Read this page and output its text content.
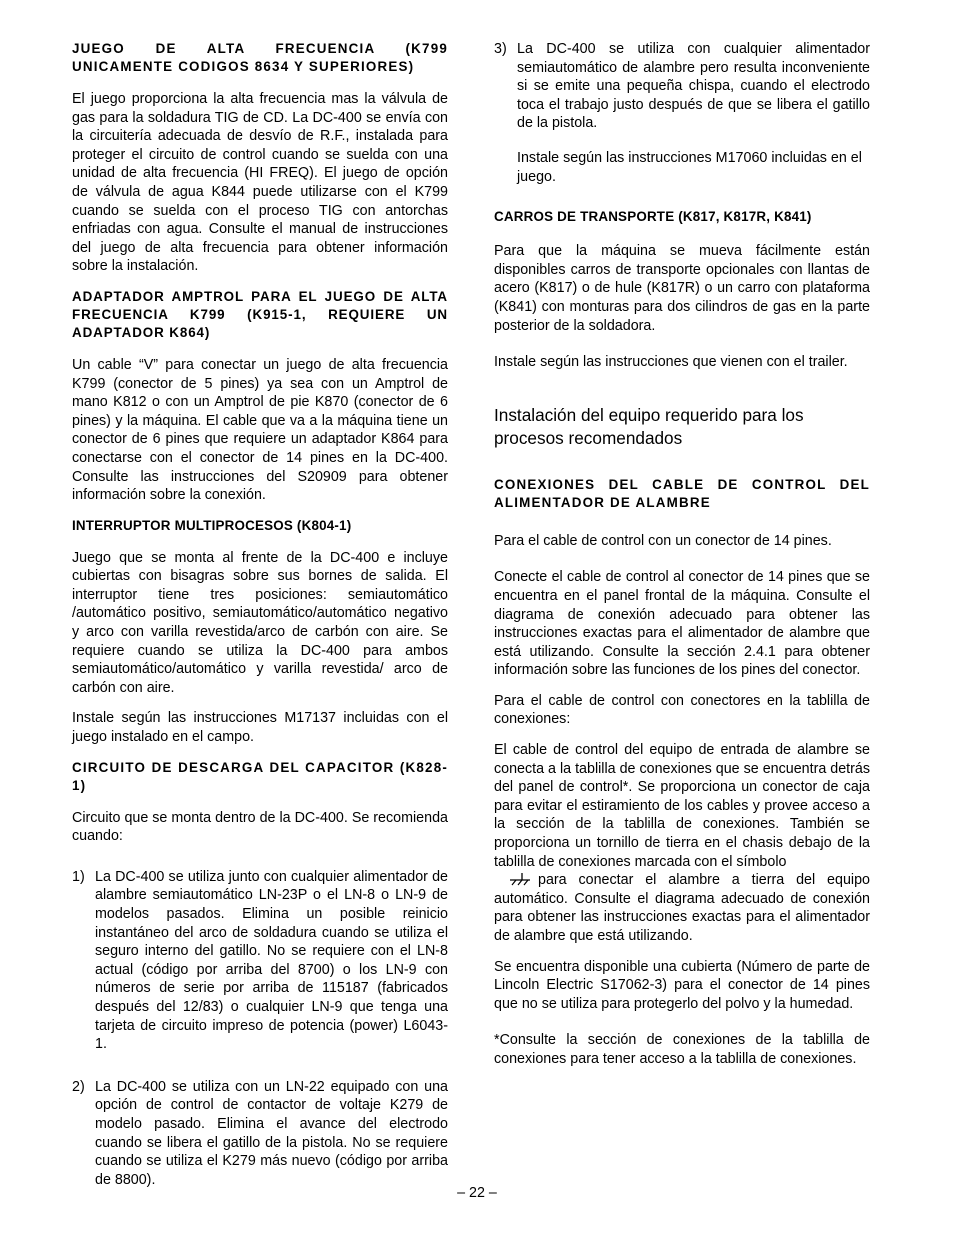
JUEGO DE ALTA FRECUENCIA (K799 UNICAMENTE CODIGOS 8634 Y SUPERIORES)
El juego proporciona la alta frecuencia mas la válvula de gas para la soldadura TIG de CD. La DC-400 se envía con la circuitería adecuada de desvío de R.F., instalada para proteger el circuito de control cuando se suelda con una unidad de alta frecuencia (HI FREQ). El juego de opción de válvula de agua K844 puede utilizarse con el K799 cuando se suelda con el proceso TIG con antorchas enfriadas con agua. Consulte el manual de instrucciones del juego de alta frecuencia para obtener información sobre la instalación.
ADAPTADOR AMPTROL PARA EL JUEGO DE ALTA FRECUENCIA K799 (K915-1, REQUIERE UN ADAPTADOR K864)
Un cable “V” para conectar un juego de alta frecuencia K799 (conector de 5 pines) ya sea con un Amptrol de mano K812 o con un Amptrol de pie K870 (conector de 6 pines) y la máquina. El cable que va a la máquina tiene un conector de 6 pines que requiere un adaptador K864 para conectarse con el conector de 14 pines en la DC-400. Consulte las instrucciones del S20909 para obtener información sobre la conexión.
INTERRUPTOR MULTIPROCESOS (K804-1)
Juego que se monta al frente de la DC-400 e incluye cubiertas con bisagras sobre sus bornes de salida. El interruptor tiene tres posiciones: semiautomático /automático positivo, semiautomático/automático negativo y arco con varilla revestida/arco de carbón con aire. Se requiere cuando se utiliza la DC-400 para ambos semiautomático/automático y varilla revestida/ arco de carbón con aire.
Instale según las instrucciones M17137 incluidas con el juego instalado en el campo.
CIRCUITO DE DESCARGA DEL CAPACITOR (K828-1)
Circuito que se monta dentro de la DC-400. Se recomienda cuando:
1) La DC-400 se utiliza junto con cualquier alimentador de alambre semiautomático LN-23P o el LN-8 o LN-9 de modelos pasados. Elimina un posible reinicio instantáneo del arco de soldadura cuando se utiliza el seguro interno del gatillo. No se requiere con el LN-8 actual (código por arriba del 8700) o los LN-9 con números de serie por arriba de 115187 (fabricados después del 12/83) o cualquier LN-9 que tenga una tarjeta de circuito impreso de potencia (power) L6043-1.
2) La DC-400 se utiliza con un LN-22 equipado con una opción de control de contactor de voltaje K279 de modelo pasado. Elimina el avance del electrodo cuando se libera el gatillo de la pistola. No se requiere cuando se utiliza el K279 más nuevo (código por arriba de 8800).
3) La DC-400 se utiliza con cualquier alimentador semiautomático de alambre pero resulta inconveniente si se emite una pequeña chispa, cuando el electrodo toca el trabajo justo después de que se libera el gatillo de la pistola.
Instale según las instrucciones M17060 incluidas en el juego.
CARROS DE TRANSPORTE (K817, K817R, K841)
Para que la máquina se mueva fácilmente están disponibles carros de transporte opcionales con llantas de acero (K817) o de hule (K817R) o un carro con plataforma (K841) con monturas para dos cilindros de gas en la parte posterior de la soldadora.
Instale según las instrucciones que vienen con el trailer.
Instalación del equipo requerido para los procesos recomendados
CONEXIONES DEL CABLE DE CONTROL DEL ALIMENTADOR DE ALAMBRE
Para el cable de control con un conector de 14 pines.
Conecte el cable de control al conector de 14 pines que se encuentra en el panel frontal de la máquina. Consulte el diagrama de conexión adecuado para obtener las instrucciones exactas para el alimentador de alambre que está utilizando. Consulte la sección 2.4.1 para obtener información sobre las funciones de los pines del conector.
Para el cable de control con conectores en la tablilla de conexiones:
El cable de control del equipo de entrada de alambre se conecta a la tablilla de conexiones que se encuentra detrás del panel de control*. Se proporciona un conector de caja para evitar el estiramiento de los cables y provee acceso a la sección de la tablilla de conexiones. También se proporciona un tornillo de tierra en el chasis debajo de la tablilla de conexiones marcada con el símbolo
para conectar el alambre a tierra del equipo automático. Consulte el diagrama adecuado de conexión para obtener las instrucciones exactas para el alimentador de alambre que está utilizando.
Se encuentra disponible una cubierta (Número de parte de Lincoln Electric S17062-3) para el conector de 14 pines que no se utiliza para protegerlo del polvo y la humedad.
*Consulte la sección de conexiones de la tablilla de conexiones para tener acceso a la tablilla de conexiones.
– 22 –
